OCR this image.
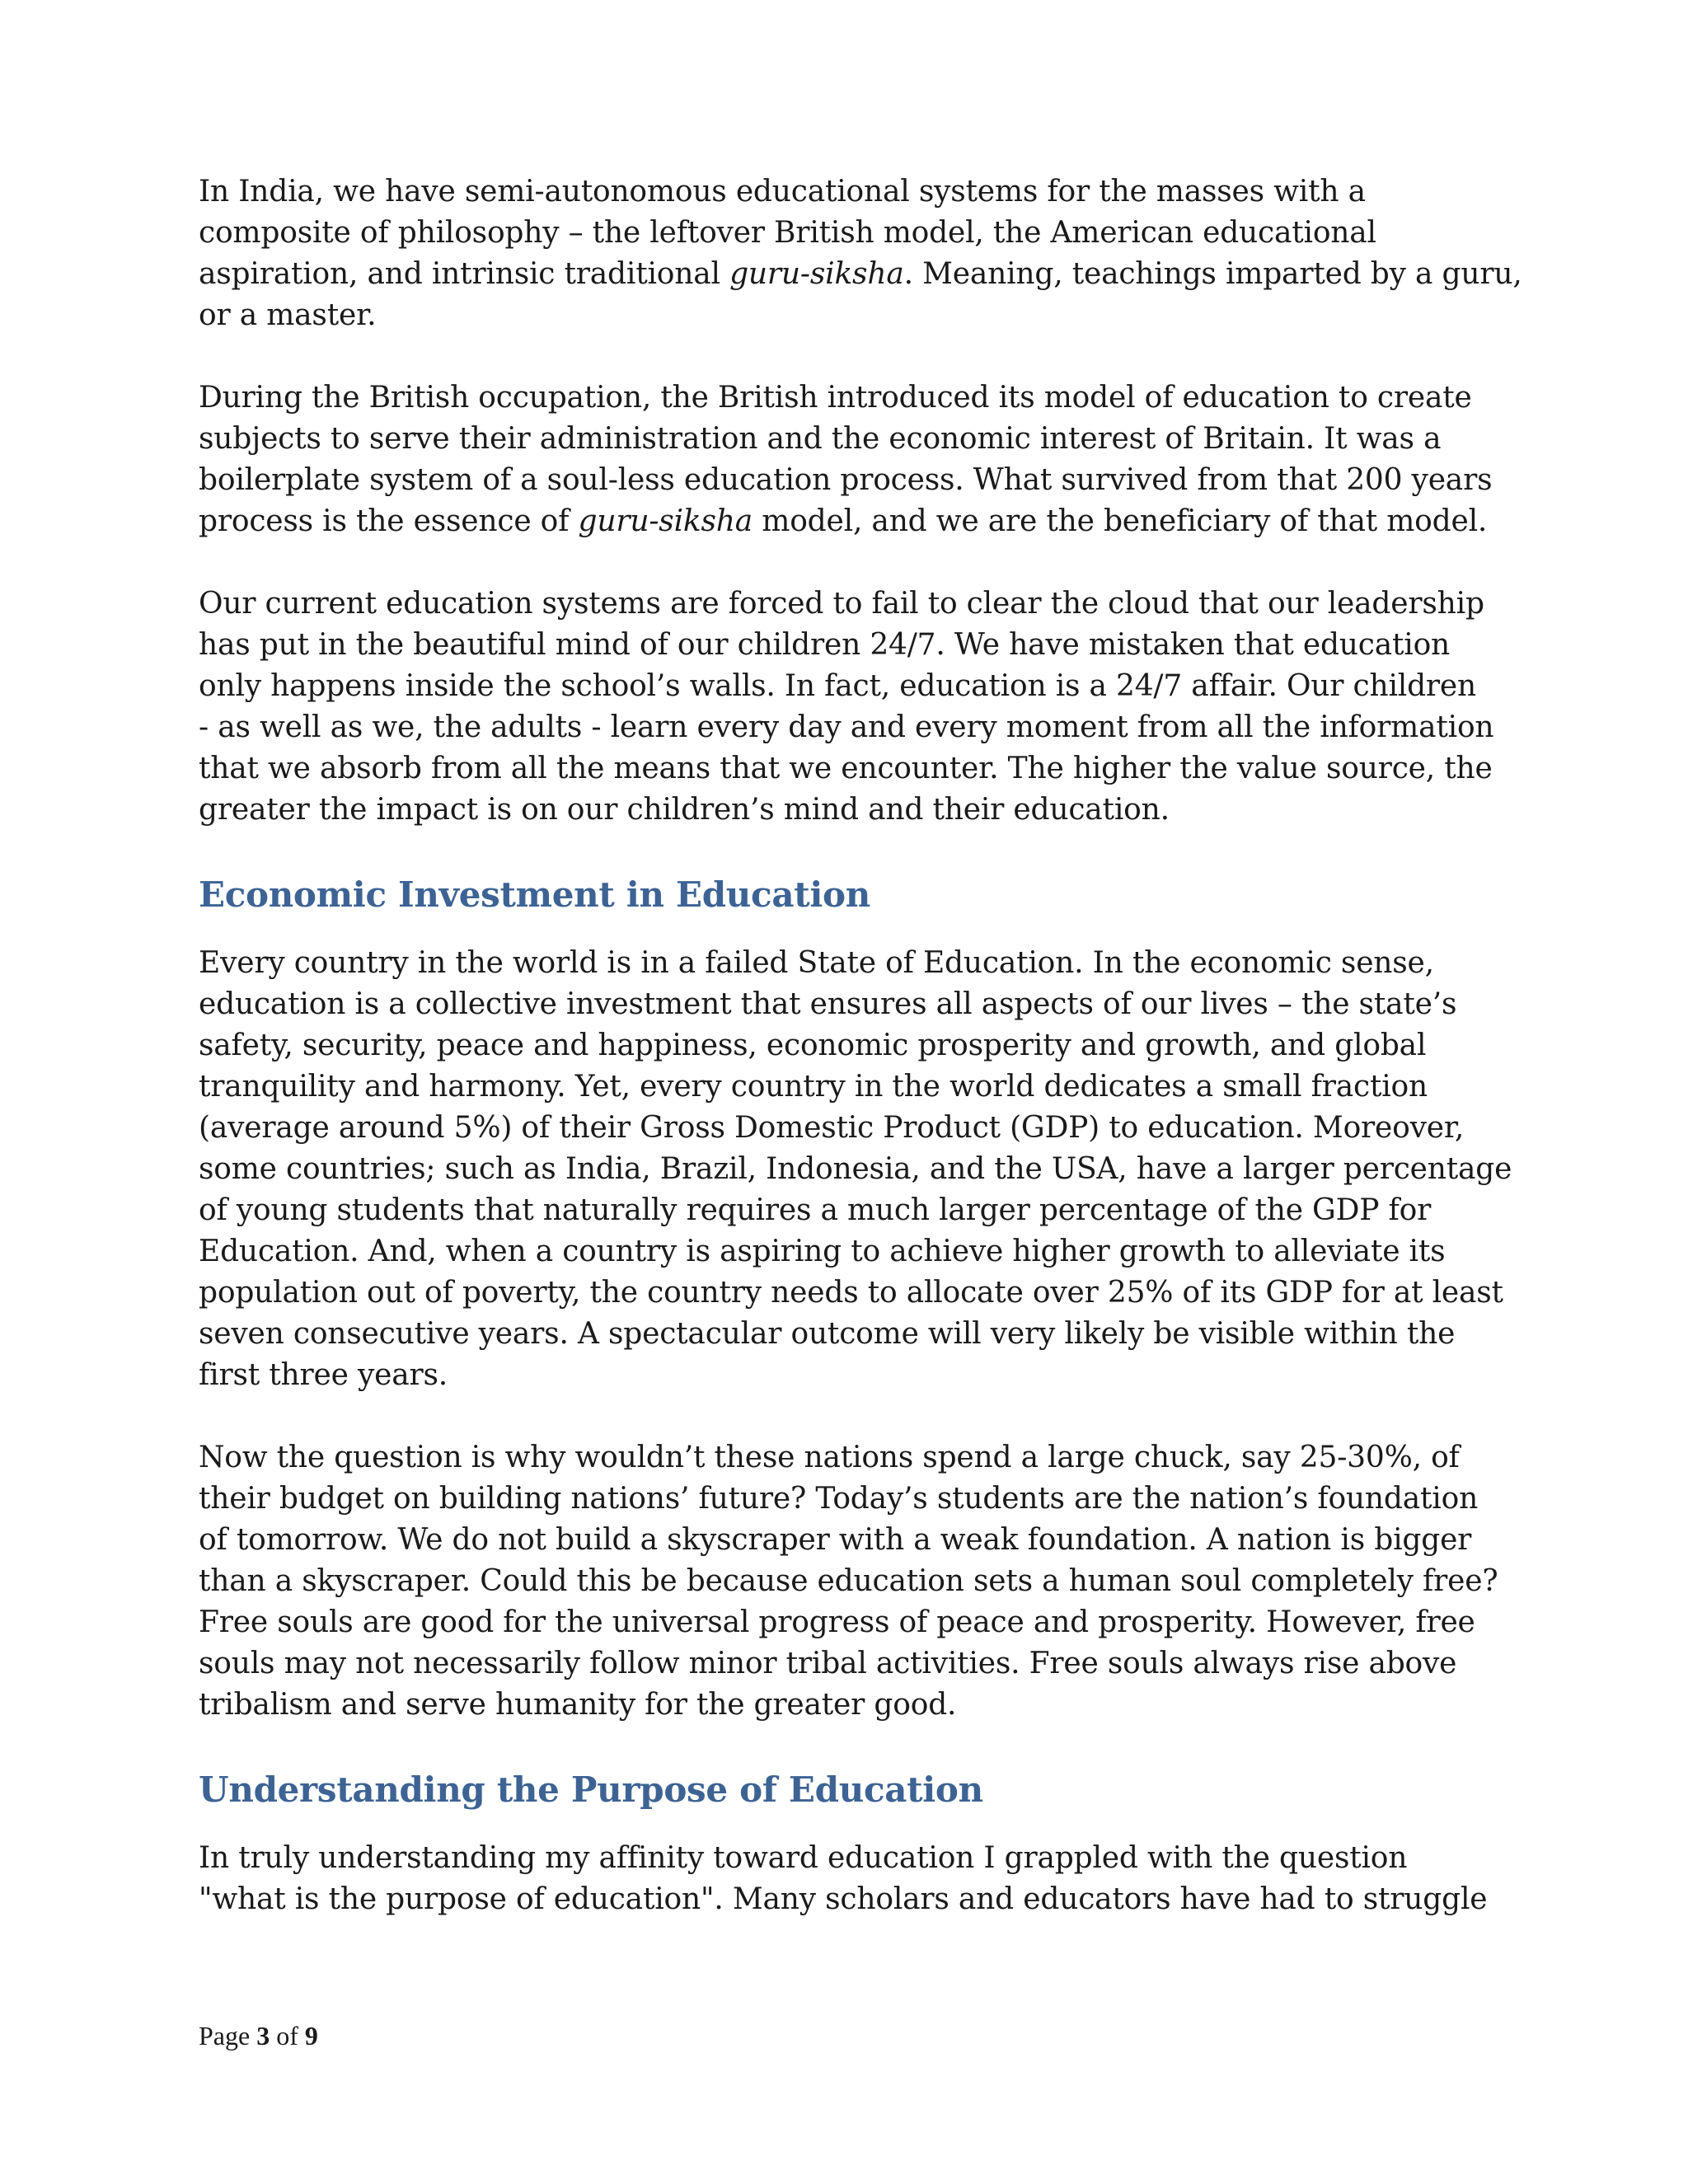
In India, we have semi-autonomous educational systems for the masses with a
composite of philosophy – the leftover British model, the American educational
aspiration, and intrinsic traditional guru-siksha. Meaning, teachings imparted by a guru,
or a master.
During the British occupation, the British introduced its model of education to create
subjects to serve their administration and the economic interest of Britain. It was a
boilerplate system of a soul-less education process. What survived from that 200 years
process is the essence of guru-siksha model, and we are the beneficiary of that model.
Our current education systems are forced to fail to clear the cloud that our leadership
has put in the beautiful mind of our children 24/7. We have mistaken that education
only happens inside the school’s walls. In fact, education is a 24/7 affair. Our children
- as well as we, the adults - learn every day and every moment from all the information
that we absorb from all the means that we encounter. The higher the value source, the
greater the impact is on our children’s mind and their education.
Economic Investment in Education
Every country in the world is in a failed State of Education. In the economic sense,
education is a collective investment that ensures all aspects of our lives – the state’s
safety, security, peace and happiness, economic prosperity and growth, and global
tranquility and harmony. Yet, every country in the world dedicates a small fraction
(average around 5%) of their Gross Domestic Product (GDP) to education. Moreover,
some countries; such as India, Brazil, Indonesia, and the USA, have a larger percentage
of young students that naturally requires a much larger percentage of the GDP for
Education. And, when a country is aspiring to achieve higher growth to alleviate its
population out of poverty, the country needs to allocate over 25% of its GDP for at least
seven consecutive years. A spectacular outcome will very likely be visible within the
first three years.
Now the question is why wouldn’t these nations spend a large chuck, say 25-30%, of
their budget on building nations’ future? Today’s students are the nation’s foundation
of tomorrow. We do not build a skyscraper with a weak foundation. A nation is bigger
than a skyscraper. Could this be because education sets a human soul completely free?
Free souls are good for the universal progress of peace and prosperity. However, free
souls may not necessarily follow minor tribal activities. Free souls always rise above
tribalism and serve humanity for the greater good.
Understanding the Purpose of Education
In truly understanding my affinity toward education I grappled with the question
"what is the purpose of education". Many scholars and educators have had to struggle
Page 3 of 9
